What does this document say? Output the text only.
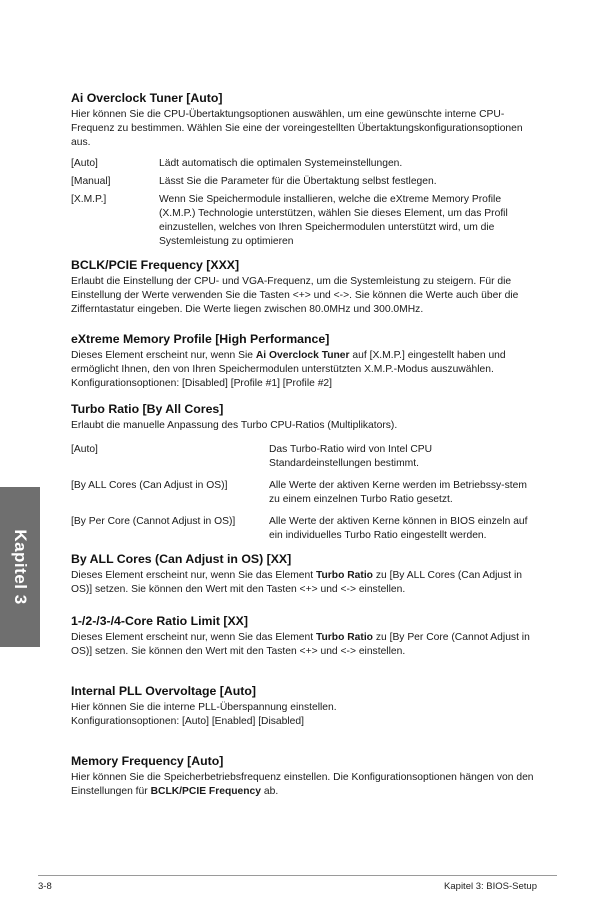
Kapitel 3
Ai Overclock Tuner [Auto]

Hier können Sie die CPU-Übertaktungsoptionen auswählen, um eine gewünschte interne CPU-Frequenz zu bestimmen. Wählen Sie eine der voreingestellten Übertaktungskonfigurationsoptionen aus.

[Auto]	Lädt automatisch die optimalen Systemeinstellungen.
[Manual]	Lässt Sie die Parameter für die Übertaktung selbst festlegen.
[X.M.P.]	Wenn Sie Speichermodule installieren, welche die eXtreme Memory Profile (X.M.P.) Technologie unterstützen, wählen Sie dieses Element, um das Profil einzustellen, welches von Ihren Speichermodulen unterstützt wird, um die Systemleistung zu optimieren
BCLK/PCIE Frequency [XXX]

Erlaubt die Einstellung der CPU- und VGA-Frequenz, um die Systemleistung zu steigern. Für die Einstellung der Werte verwenden Sie die Tasten <+> und <->. Sie können die Werte auch über die Zifferntastatur eingeben. Die Werte liegen zwischen 80.0MHz und 300.0MHz.

eXtreme Memory Profile [High Performance]

Dieses Element erscheint nur, wenn Sie Ai Overclock Tuner auf [X.M.P.] eingestellt haben und ermöglicht Ihnen, den von Ihren Speichermodulen unterstützten X.M.P.-Modus auszuwählen. Konfigurationsoptionen: [Disabled] [Profile #1] [Profile #2]

Turbo Ratio [By All Cores]

Erlaubt die manuelle Anpassung des Turbo CPU-Ratios (Multiplikators).

[Auto]	Das Turbo-Ratio wird von Intel CPU Standardeinstellungen bestimmt.
[By ALL Cores (Can Adjust in OS)]	Alle Werte der aktiven Kerne werden im Betriebssy-stem zu einem einzelnen Turbo Ratio gesetzt.
[By Per Core (Cannot Adjust in OS)]	Alle Werte der aktiven Kerne können in BIOS einzeln auf ein individuelles Turbo Ratio eingestellt werden.
By ALL Cores (Can Adjust in OS) [XX]

Dieses Element erscheint nur, wenn Sie das Element Turbo Ratio zu [By ALL Cores (Can Adjust in OS)] setzen. Sie können den Wert mit den Tasten <+> und <-> einstellen.

1-/2-/3-/4-Core Ratio Limit [XX]

Dieses Element erscheint nur, wenn Sie das Element Turbo Ratio zu [By Per Core (Cannot Adjust in OS)] setzen. Sie können den Wert mit den Tasten <+> und <-> einstellen.

Internal PLL Overvoltage [Auto]

Hier können Sie die interne PLL-Überspannung einstellen.

Konfigurationsoptionen: [Auto] [Enabled] [Disabled]

Memory Frequency [Auto]

Hier können Sie die Speicherbetriebsfrequenz einstellen. Die Konfigurationsoptionen hängen von den Einstellungen für BCLK/PCIE Frequency ab.

3-8	Kapitel 3: BIOS-Setup
